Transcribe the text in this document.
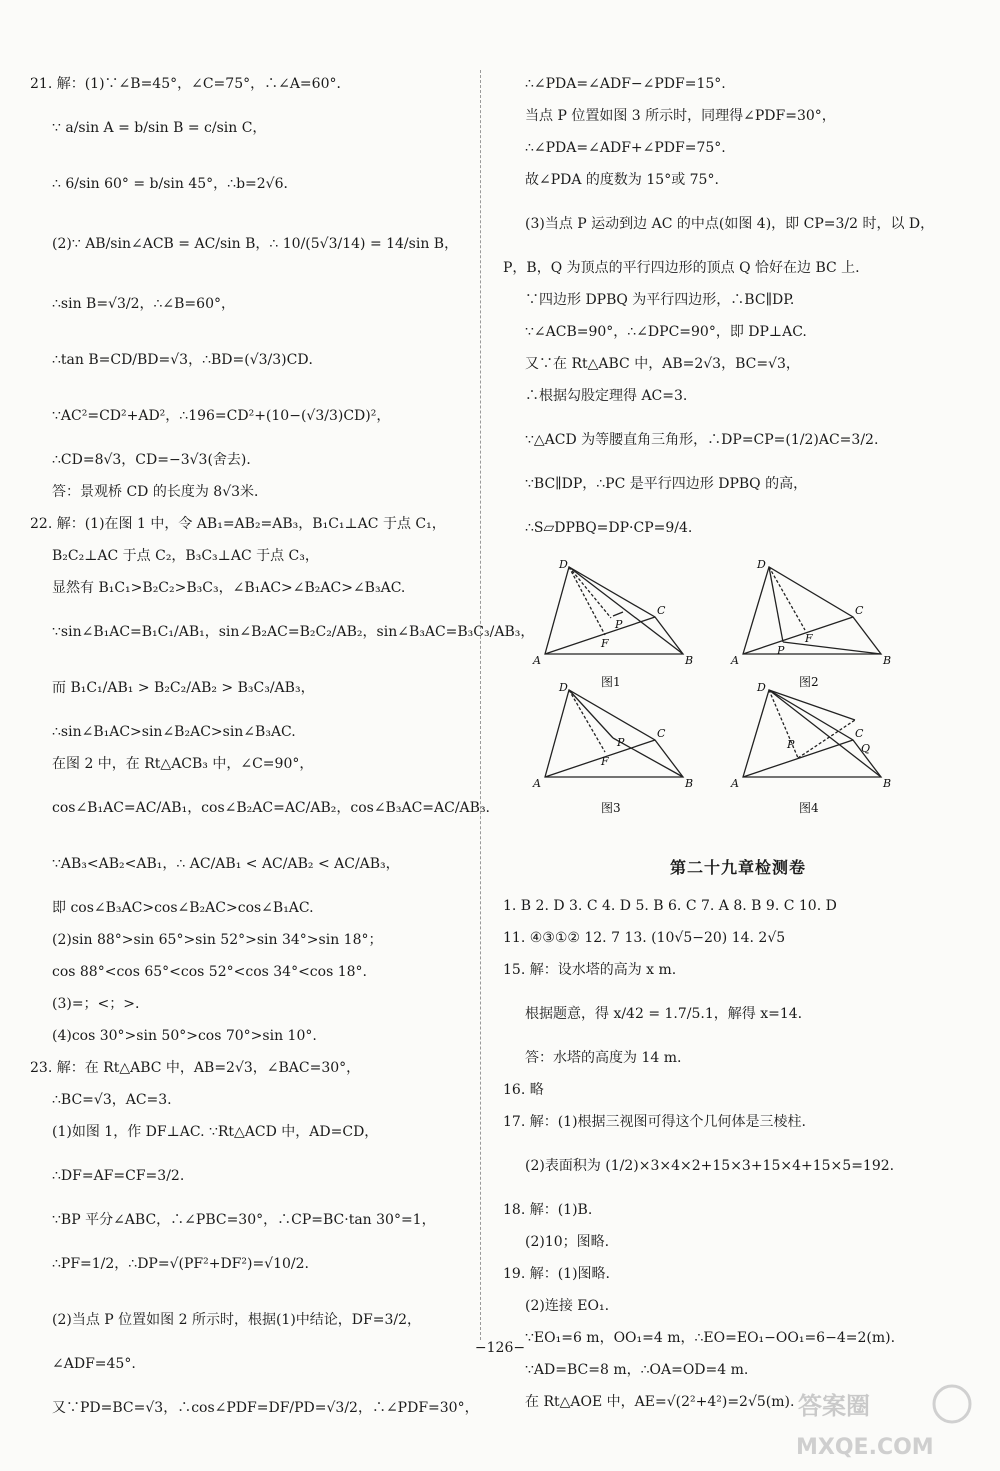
21. 解：(1)∵∠B=45°，∠C=75°，∴∠A=60°．
∵ a/sin A = b/sin B = c/sin C，
∴ 6/sin 60° = b/sin 45°，∴b=2√6．
(2)∵ AB/sin∠ACB = AC/sin B，∴ 10/(5√3/14) = 14/sin B，
∴sin B=√3/2，∴∠B=60°，
∴tan B=CD/BD=√3，∴BD=(√3/3)CD．
∵AC²=CD²+AD²，∴196=CD²+(10−(√3/3)CD)²，
∴CD=8√3，CD=−3√3(舍去)．
答：景观桥 CD 的长度为 8√3米．
22. 解：(1)在图 1 中，令 AB₁=AB₂=AB₃，B₁C₁⊥AC 于点 C₁，
B₂C₂⊥AC 于点 C₂，B₃C₃⊥AC 于点 C₃，
显然有 B₁C₁>B₂C₂>B₃C₃，∠B₁AC>∠B₂AC>∠B₃AC.
∵sin∠B₁AC=B₁C₁/AB₁，sin∠B₂AC=B₂C₂/AB₂，sin∠B₃AC=B₃C₃/AB₃，
而 B₁C₁/AB₁ > B₂C₂/AB₂ > B₃C₃/AB₃，
∴sin∠B₁AC>sin∠B₂AC>sin∠B₃AC.
在图 2 中，在 Rt△ACB₃ 中，∠C=90°，
cos∠B₁AC=AC/AB₁，cos∠B₂AC=AC/AB₂，cos∠B₃AC=AC/AB₃.
∵AB₃<AB₂<AB₁，∴ AC/AB₁ < AC/AB₂ < AC/AB₃，
即 cos∠B₃AC>cos∠B₂AC>cos∠B₁AC.
(2)sin 88°>sin 65°>sin 52°>sin 34°>sin 18°；
cos 88°<cos 65°<cos 52°<cos 34°<cos 18°.
(3)=；<；>.
(4)cos 30°>sin 50°>cos 70°>sin 10°.
23. 解：在 Rt△ABC 中，AB=2√3，∠BAC=30°，
∴BC=√3，AC=3.
(1)如图 1，作 DF⊥AC. ∵Rt△ACD 中，AD=CD，
∴DF=AF=CF=3/2.
∵BP 平分∠ABC，∴∠PBC=30°，∴CP=BC·tan 30°=1，
∴PF=1/2，∴DP=√(PF²+DF²)=√10/2.
(2)当点 P 位置如图 2 所示时，根据(1)中结论，DF=3/2，
∠ADF=45°.
又∵PD=BC=√3，∴cos∠PDF=DF/PD=√3/2，∴∠PDF=30°，
∴∠PDA=∠ADF−∠PDF=15°.
当点 P 位置如图 3 所示时，同理得∠PDF=30°，
∴∠PDA=∠ADF+∠PDF=75°.
故∠PDA 的度数为 15°或 75°.
(3)当点 P 运动到边 AC 的中点(如图 4)，即 CP=3/2 时，以 D，
P，B，Q 为顶点的平行四边形的顶点 Q 恰好在边 BC 上.
∵四边形 DPBQ 为平行四边形，∴BC∥DP.
∵∠ACB=90°，∴∠DPC=90°，即 DP⊥AC.
又∵在 Rt△ABC 中，AB=2√3，BC=√3，
∴根据勾股定理得 AC=3.
∵△ACD 为等腰直角三角形，∴DP=CP=(1/2)AC=3/2.
∵BC∥DP，∴PC 是平行四边形 DPBQ 的高，
∴S▱DPBQ=DP·CP=9/4.
A	B
C
D
P
F
A	B
C
D
P
F
A	B
C
D
P
F
A	B
C
D
P	Q
图1	图2
图3	图4
第二十九章检测卷
1. B 2. D 3. C 4. D 5. B 6. C 7. A 8. B 9. C 10. D
11. ④③①② 12. 7 13. (10√5−20) 14. 2√5
15. 解：设水塔的高为 x m.
根据题意，得 x/42 = 1.7/5.1，解得 x=14.
答：水塔的高度为 14 m.
16. 略
17. 解：(1)根据三视图可得这个几何体是三棱柱.
(2)表面积为 (1/2)×3×4×2+15×3+15×4+15×5=192.
18. 解：(1)B.
(2)10；图略.
19. 解：(1)图略.
(2)连接 EO₁.
∵EO₁=6 m，OO₁=4 m，∴EO=EO₁−OO₁=6−4=2(m).
∵AD=BC=8 m，∴OA=OD=4 m.
在 Rt△AOE 中，AE=√(2²+4²)=2√5(m).
−126−
答案圈
MXQE.COM
